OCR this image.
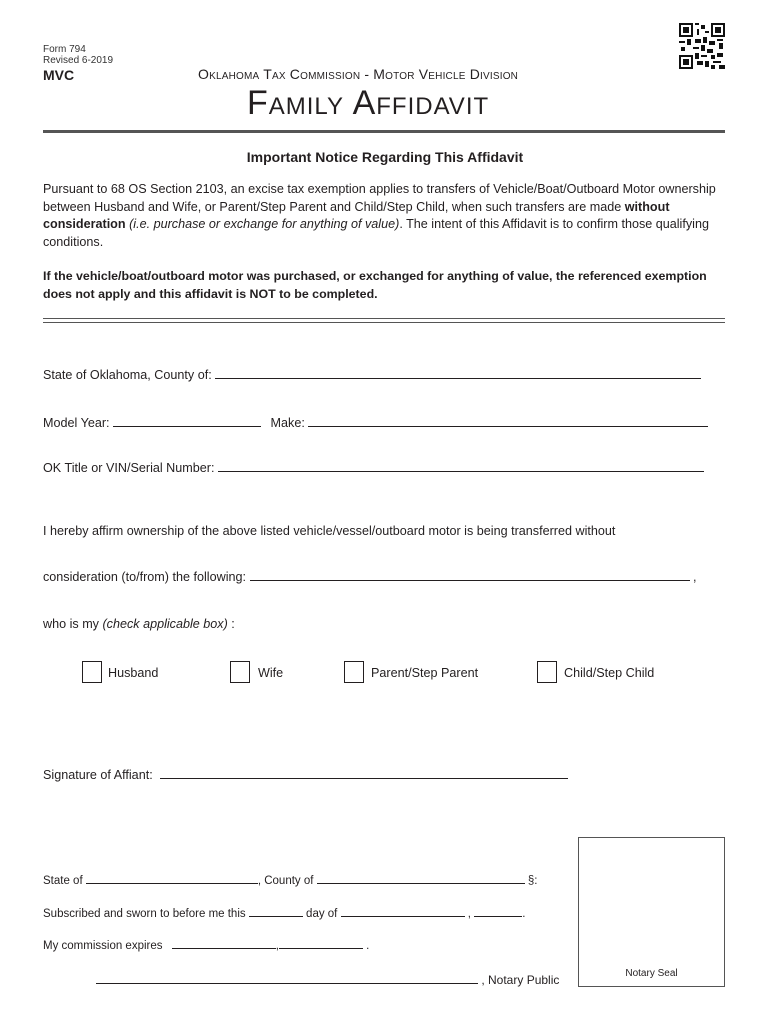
Form 794
Revised 6-2019
MVC	Oklahoma Tax Commission - Motor Vehicle Division
Family Affidavit
Important Notice Regarding This Affidavit
Pursuant to 68 OS Section 2103, an excise tax exemption applies to transfers of Vehicle/Boat/Outboard Motor ownership between Husband and Wife, or Parent/Step Parent and Child/Step Child, when such transfers are made without consideration (i.e. purchase or exchange for anything of value). The intent of this Affidavit is to confirm those qualifying conditions.
If the vehicle/boat/outboard motor was purchased, or exchanged for anything of value, the referenced exemption does not apply and this affidavit is NOT to be completed.
State of Oklahoma, County of:
Model Year:	Make:
OK Title or VIN/Serial Number:
I hereby affirm ownership of the above listed vehicle/vessel/outboard motor is being transferred without
consideration (to/from) the following:	,
who is my (check applicable box) :
Husband	Wife	Parent/Step Parent	Child/Step Child
Signature of Affiant:
State of	, County of	§:
Subscribed and sworn to before me this	day of	,	.
My commission expires	,	.
, Notary Public	Notary Seal
